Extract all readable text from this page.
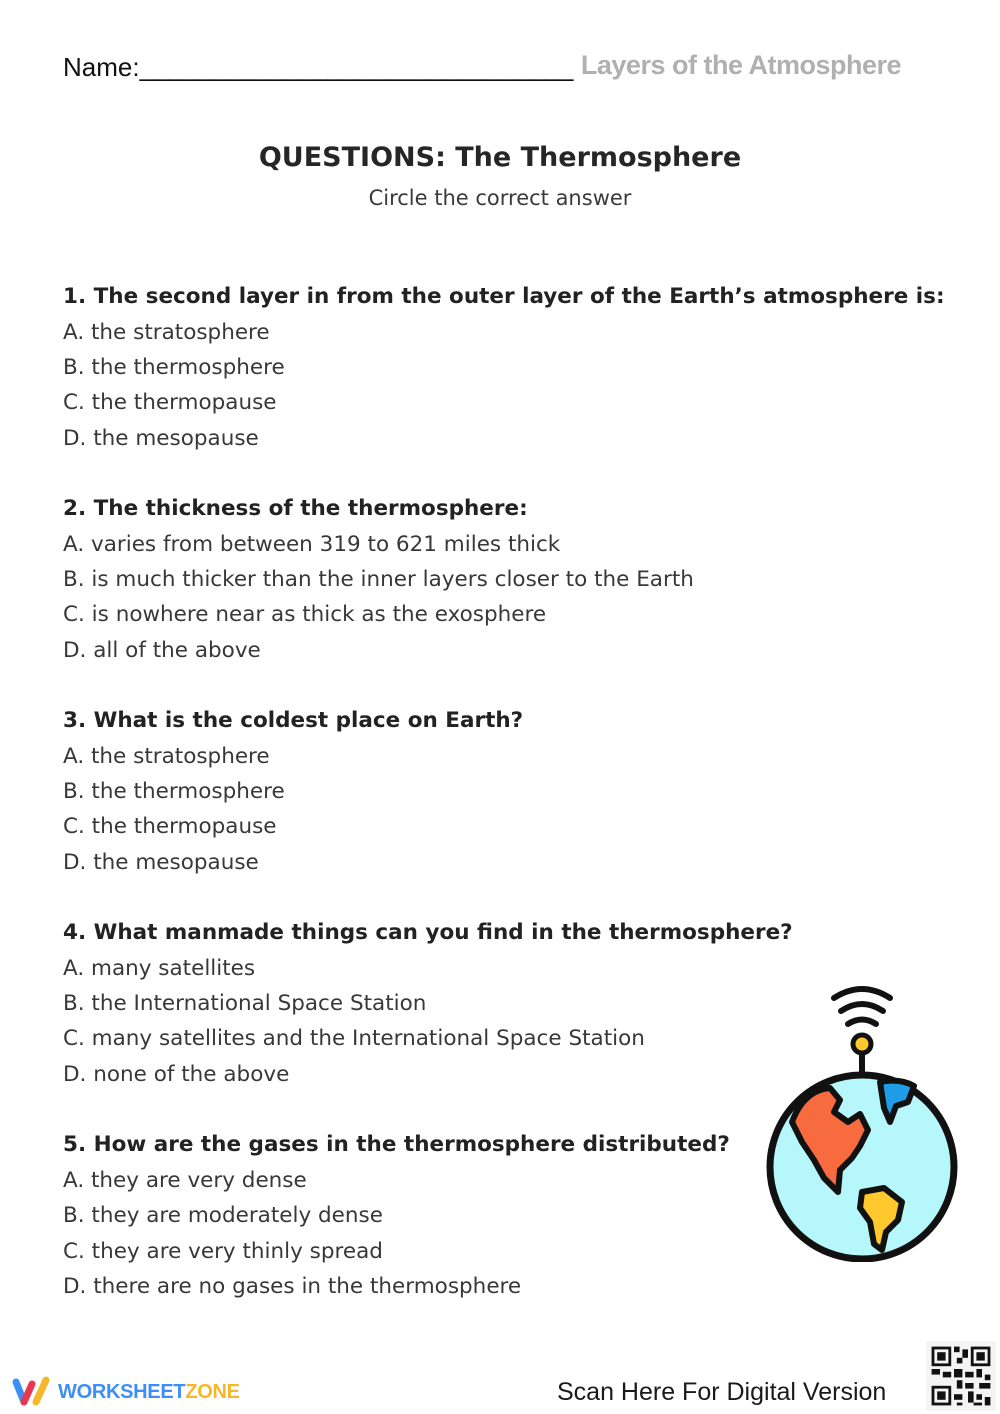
Name:______________________________ Layers of the Atmosphere
QUESTIONS: The Thermosphere
Circle the correct answer
1. The second layer in from the outer layer of the Earth’s atmosphere is:
A. the stratosphere
B. the thermosphere
C. the thermopause
D. the mesopause
2. The thickness of the thermosphere:
A. varies from between 319 to 621 miles thick
B. is much thicker than the inner layers closer to the Earth
C. is nowhere near as thick as the exosphere
D. all of the above
3. What is the coldest place on Earth?
A. the stratosphere
B. the thermosphere
C. the thermopause
D. the mesopause
4. What manmade things can you find in the thermosphere?
A. many satellites
B. the International Space Station
C. many satellites and the International Space Station
D. none of the above
5. How are the gases in the thermosphere distributed?
A. they are very dense
B. they are moderately dense
C. they are very thinly spread
D. there are no gases in the thermosphere
WORKSHEETZONE	Scan Here For Digital Version
